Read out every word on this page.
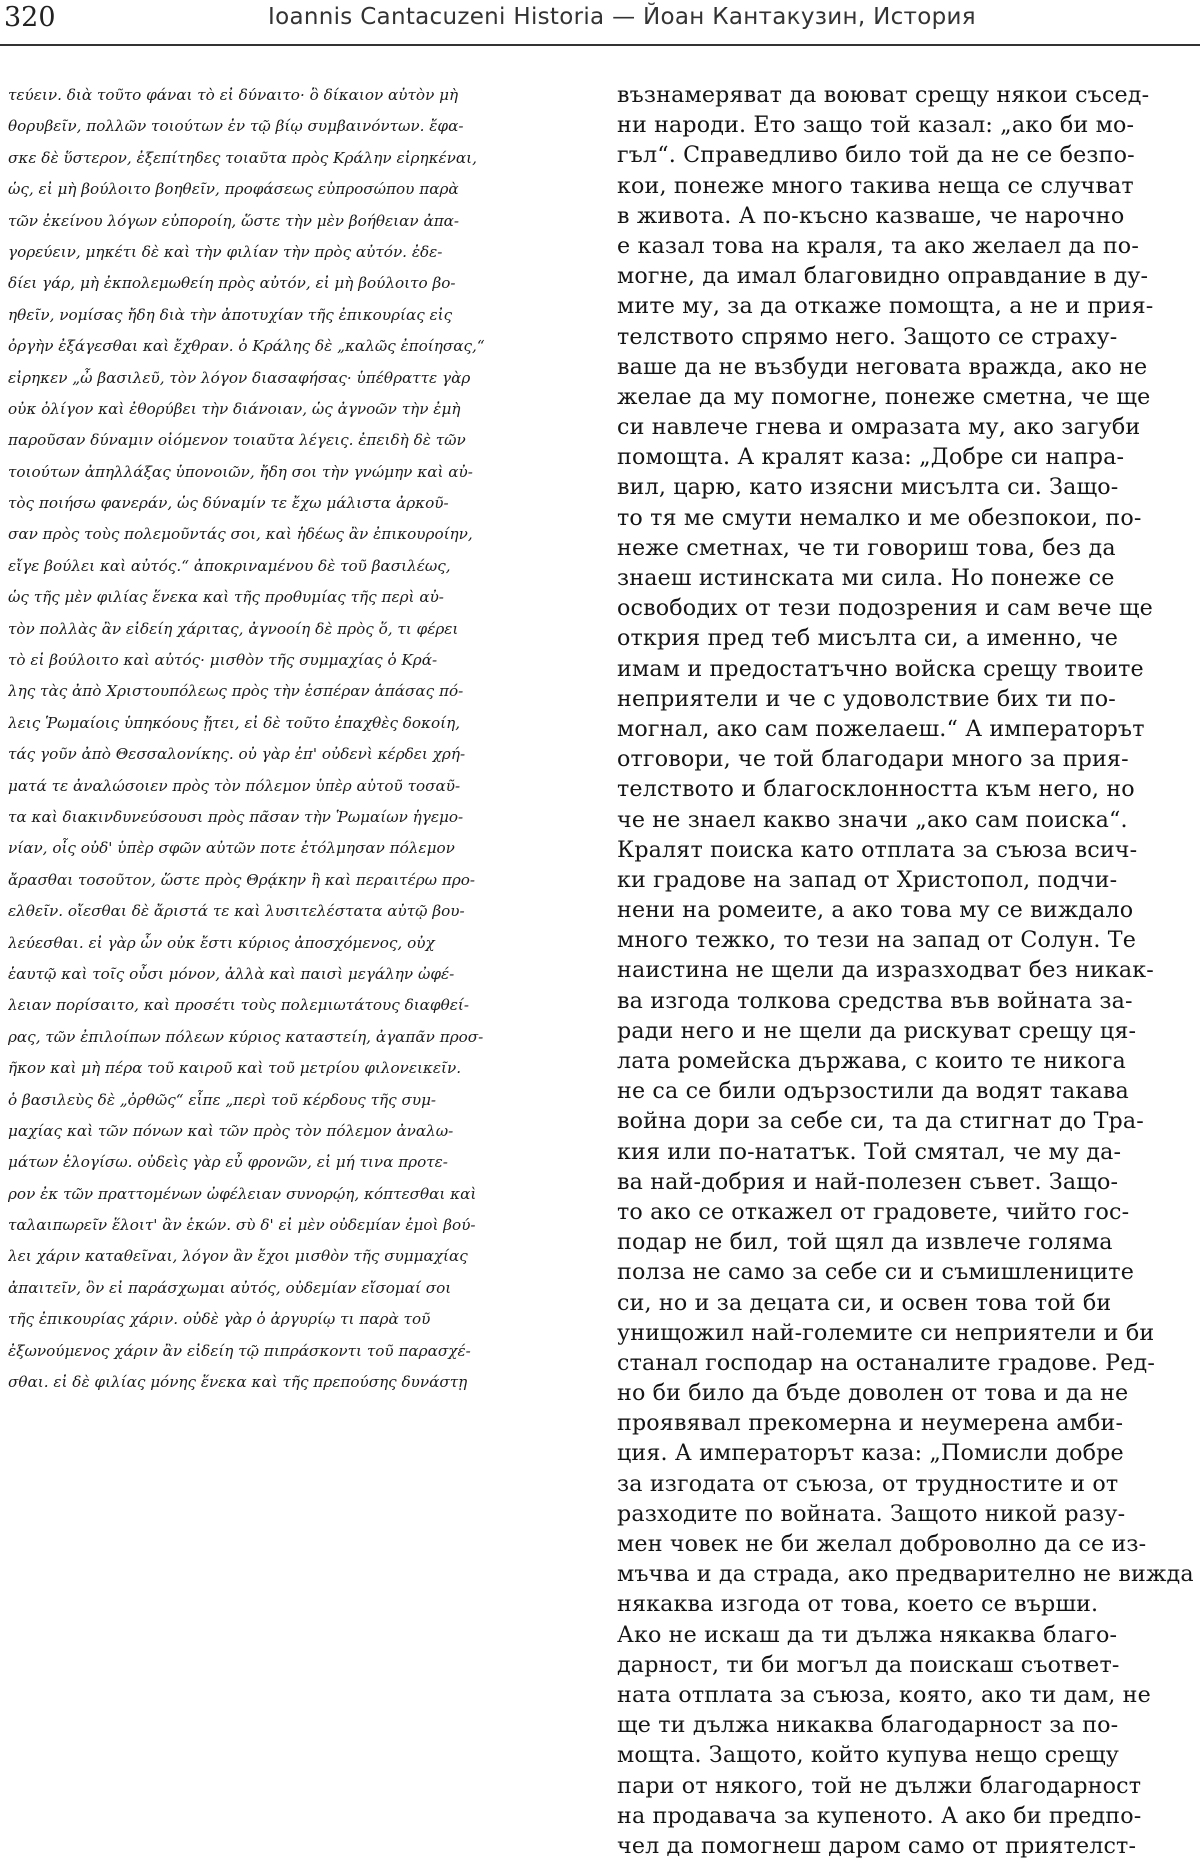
320	Ioannis Cantacuzeni Historia — Йоан Кантакузин, История
τεύειν. διὰ τοῦτο φάναι τὸ εἰ δύναιτο· ὃ δίκαιον αὐτὸν μὴ
θορυβεῖν, πολλῶν τοιούτων ἐν τῷ βίῳ συμβαινόντων. ἔφα-
σκε δὲ ὕστερον, ἐξεπίτηδες τοιαῦτα πρὸς Κράλην εἰρηκέναι,
ὡς, εἰ μὴ βούλοιτο βοηθεῖν, προφάσεως εὐπροσώπου παρὰ
τῶν ἐκείνου λόγων εὐποροίη, ὥστε τὴν μὲν βοήθειαν ἀπα-
γορεύειν, μηκέτι δὲ καὶ τὴν φιλίαν τὴν πρὸς αὐτόν. ἐδε-
δίει γάρ, μὴ ἐκπολεμωθείη πρὸς αὐτόν, εἰ μὴ βούλοιτο βο-
ηθεῖν, νομίσας ἤδη διὰ τὴν ἀποτυχίαν τῆς ἐπικουρίας εἰς
ὀργὴν ἐξάγεσθαι καὶ ἔχθραν. ὁ Κράλης δὲ „καλῶς ἐποίησας,“
εἰρηκεν „ὦ βασιλεῦ, τὸν λόγον διασαφήσας· ὑπέθραττε γὰρ
οὐκ ὀλίγον καὶ ἐθορύβει τὴν διάνοιαν, ὡς ἀγνοῶν τὴν ἐμὴ
παροῦσαν δύναμιν οἰόμενον τοιαῦτα λέγεις. ἐπειδὴ δὲ τῶν
τοιούτων ἀπηλλάξας ὑπονοιῶν, ἤδη σοι τὴν γνώμην καὶ αὐ-
τὸς ποιήσω φανεράν, ὡς δύναμίν τε ἔχω μάλιστα ἀρκοῦ-
σαν πρὸς τοὺς πολεμοῦντάς σοι, καὶ ἡδέως ἂν ἐπικουροίην,
εἴγε βούλει καὶ αὐτός.“ ἀποκριναμένου δὲ τοῦ βασιλέως,
ὡς τῆς μὲν φιλίας ἕνεκα καὶ τῆς προθυμίας τῆς περὶ αὐ-
τὸν πολλὰς ἂν εἰδείη χάριτας, ἀγνοοίη δὲ πρὸς ὅ, τι φέρει
τὸ εἰ βούλοιτο καὶ αὐτός· μισθὸν τῆς συμμαχίας ὁ Κρά-
λης τὰς ἀπὸ Χριστουπόλεως πρὸς τὴν ἑσπέραν ἁπάσας πό-
λεις Ῥωμαίοις ὑπηκόους ᾔτει, εἰ δὲ τοῦτο ἐπαχθὲς δοκοίη,
τάς γοῦν ἀπὸ Θεσσαλονίκης. οὐ γὰρ ἐπ' οὐδενὶ κέρδει χρή-
ματά τε ἀναλώσοιεν πρὸς τὸν πόλεμον ὑπὲρ αὐτοῦ τοσαῦ-
τα καὶ διακινδυνεύσουσι πρὸς πᾶσαν τὴν Ῥωμαίων ἡγεμο-
νίαν, οἷς οὐδ' ὑπὲρ σφῶν αὐτῶν ποτε ἐτόλμησαν πόλεμον
ἄρασθαι τοσοῦτον, ὥστε πρὸς Θρᾴκην ἢ καὶ περαιτέρω προ-
ελθεῖν. οἴεσθαι δὲ ἄριστά τε καὶ λυσιτελέστατα αὐτῷ βου-
λεύεσθαι. εἰ γὰρ ὧν οὐκ ἔστι κύριος ἀποσχόμενος, οὐχ
ἑαυτῷ καὶ τοῖς οὖσι μόνον, ἀλλὰ καὶ παισὶ μεγάλην ὠφέ-
λειαν πορίσαιτο, καὶ προσέτι τοὺς πολεμιωτάτους διαφθεί-
ρας, τῶν ἐπιλοίπων πόλεων κύριος καταστείη, ἀγαπᾶν προσ-
ῆκον καὶ μὴ πέρα τοῦ καιροῦ καὶ τοῦ μετρίου φιλονεικεῖν.
ὁ βασιλεὺς δὲ „ὀρθῶς“ εἶπε „περὶ τοῦ κέρδους τῆς συμ-
μαχίας καὶ τῶν πόνων καὶ τῶν πρὸς τὸν πόλεμον ἀναλω-
μάτων ἐλογίσω. οὐδεὶς γὰρ εὖ φρονῶν, εἰ μή τινα προτε-
ρον ἐκ τῶν πραττομένων ὠφέλειαν συνορῴη, κόπτεσθαι καὶ
ταλαιπωρεῖν ἕλοιτ' ἂν ἑκών. σὺ δ' εἰ μὲν οὐδεμίαν ἐμοὶ βού-
λει χάριν καταθεῖναι, λόγον ἂν ἔχοι μισθὸν τῆς συμμαχίας
ἀπαιτεῖν, ὃν εἰ παράσχωμαι αὐτός, οὐδεμίαν εἴσομαί σοι
τῆς ἐπικουρίας χάριν. οὐδὲ γὰρ ὁ ἀργυρίῳ τι παρὰ τοῦ
ἐξωνούμενος χάριν ἂν εἰδείη τῷ πιπράσκοντι τοῦ παρασχέ-
σθαι. εἰ δὲ φιλίας μόνης ἕνεκα καὶ τῆς πρεπούσης δυνάστῃ
възнамеряват да воюват срещу някои съсед-
ни народи. Ето защо той казал: „ако би мо-
гъл“. Справедливо било той да не се безпо-
кои, понеже много такива неща се случват
в живота. А по-късно казваше, че нарочно
е казал това на краля, та ако желаел да по-
могне, да имал благовидно оправдание в ду-
мите му, за да откаже помощта, а не и прия-
телството спрямо него. Защото се страху-
ваше да не възбуди неговата вражда, ако не
желае да му помогне, понеже сметна, че ще
си навлече гнева и омразата му, ако загуби
помощта. А кралят каза: „Добре си напра-
вил, царю, като изясни мисълта си. Защо-
то тя ме смути немалко и ме обезпокои, по-
неже сметнах, че ти говориш това, без да
знаеш истинската ми сила. Но понеже се
освободих от тези подозрения и сам вече ще
открия пред теб мисълта си, а именно, че
имам и предостатъчно войска срещу твоите
неприятели и че с удоволствие бих ти по-
могнал, ако сам пожелаеш.“ А императорът
отговори, че той благодари много за прия-
телството и благосклонността към него, но
че не знаел какво значи „ако сам поиска“.
Кралят поиска като отплата за съюза всич-
ки градове на запад от Христопол, подчи-
нени на ромеите, а ако това му се виждало
много тежко, то тези на запад от Солун. Те
наистина не щели да изразходват без никак-
ва изгода толкова средства във войната за-
ради него и не щели да рискуват срещу ця-
лата ромейска държава, с които те никога
не са се били одързостили да водят такава
война дори за себе си, та да стигнат до Тра-
кия или по-нататък. Той смятал, че му да-
ва най-добрия и най-полезен съвет. Защо-
то ако се откажел от градовете, чийто гос-
подар не бил, той щял да извлече голяма
полза не само за себе си и съмишлениците
си, но и за децата си, и освен това той би
унищожил най-големите си неприятели и би
станал господар на останалите градове. Ред-
но би било да бъде доволен от това и да не
проявявал прекомерна и неумерена амби-
ция. А императорът каза: „Помисли добре
за изгодата от съюза, от трудностите и от
разходите по войната. Защото никой разу-
мен човек не би желал доброволно да се из-
мъчва и да страда, ако предварително не вижда
някаква изгода от това, което се върши.
Ако не искаш да ти дължа някаква благо-
дарност, ти би могъл да поискаш съответ-
ната отплата за съюза, която, ако ти дам, не
ще ти дължа никаква благодарност за по-
мощта. Защото, който купува нещо срещу
пари от някого, той не дължи благодарност
на продавача за купеното. А ако би предпо-
чел да помогнеш даром само от приятелст-
